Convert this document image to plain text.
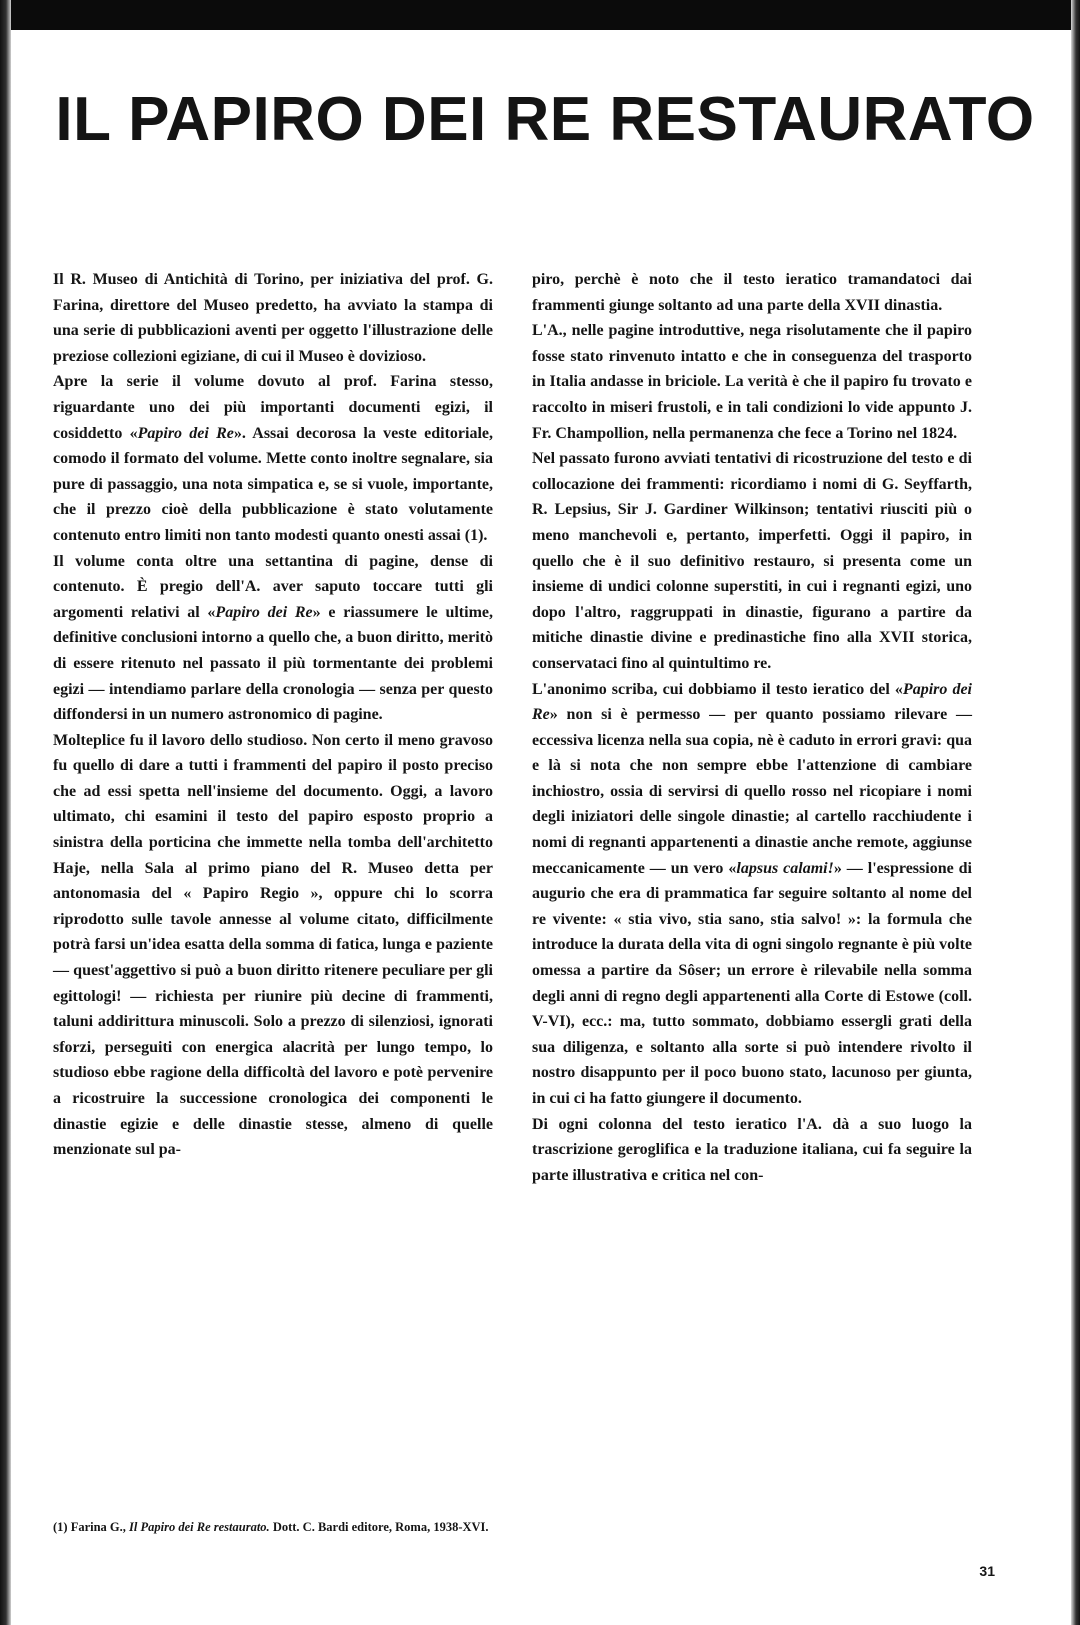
IL PAPIRO DEI RE RESTAURATO

Il R. Museo di Antichità di Torino, per iniziativa del prof. G. Farina, direttore del Museo predetto, ha avviato la stampa di una serie di pubblicazioni aventi per oggetto l'illustrazione delle preziose collezioni egiziane, di cui il Museo è dovizioso.

Apre la serie il volume dovuto al prof. Farina stesso, riguardante uno dei più importanti documenti egizi, il cosiddetto «Papiro dei Re». Assai decorosa la veste editoriale, comodo il formato del volume. Mette conto inoltre segnalare, sia pure di passaggio, una nota simpatica e, se si vuole, importante, che il prezzo cioè della pubblicazione è stato volutamente contenuto entro limiti non tanto modesti quanto onesti assai (1).

Il volume conta oltre una settantina di pagine, dense di contenuto. È pregio dell'A. aver saputo toccare tutti gli argomenti relativi al «Papiro dei Re» e riassumere le ultime, definitive conclusioni intorno a quello che, a buon diritto, meritò di essere ritenuto nel passato il più tormentante dei problemi egizi — intendiamo parlare della cronologia — senza per questo diffondersi in un numero astronomico di pagine.

Molteplice fu il lavoro dello studioso. Non certo il meno gravoso fu quello di dare a tutti i frammenti del papiro il posto preciso che ad essi spetta nell'insieme del documento. Oggi, a lavoro ultimato, chi esamini il testo del papiro esposto proprio a sinistra della porticina che immette nella tomba dell'architetto Haje, nella Sala al primo piano del R. Museo detta per antonomasia del « Papiro Regio », oppure chi lo scorra riprodotto sulle tavole annesse al volume citato, difficilmente potrà farsi un'idea esatta della somma di fatica, lunga e paziente — quest'aggettivo si può a buon diritto ritenere peculiare per gli egittologi! — richiesta per riunire più decine di frammenti, taluni addirittura minuscoli. Solo a prezzo di silenziosi, ignorati sforzi, perseguiti con energica alacrità per lungo tempo, lo studioso ebbe ragione della difficoltà del lavoro e potè pervenire a ricostruire la successione cronologica dei componenti le dinastie egizie e delle dinastie stesse, almeno di quelle menzionate sul pa-

piro, perchè è noto che il testo ieratico tramandatoci dai frammenti giunge soltanto ad una parte della XVII dinastia.

L'A., nelle pagine introduttive, nega risolutamente che il papiro fosse stato rinvenuto intatto e che in conseguenza del trasporto in Italia andasse in briciole. La verità è che il papiro fu trovato e raccolto in miseri frustoli, e in tali condizioni lo vide appunto J. Fr. Champollion, nella permanenza che fece a Torino nel 1824.

Nel passato furono avviati tentativi di ricostruzione del testo e di collocazione dei frammenti: ricordiamo i nomi di G. Seyffarth, R. Lepsius, Sir J. Gardiner Wilkinson; tentativi riusciti più o meno manchevoli e, pertanto, imperfetti. Oggi il papiro, in quello che è il suo definitivo restauro, si presenta come un insieme di undici colonne superstiti, in cui i regnanti egizi, uno dopo l'altro, raggruppati in dinastie, figurano a partire da mitiche dinastie divine e predinastiche fino alla XVII storica, conservataci fino al quintultimo re.

L'anonimo scriba, cui dobbiamo il testo ieratico del «Papiro dei Re» non si è permesso — per quanto possiamo rilevare — eccessiva licenza nella sua copia, nè è caduto in errori gravi: qua e là si nota che non sempre ebbe l'attenzione di cambiare inchiostro, ossia di servirsi di quello rosso nel ricopiare i nomi degli iniziatori delle singole dinastie; al cartello racchiudente i nomi di regnanti appartenenti a dinastie anche remote, aggiunse meccanicamente — un vero «lapsus calami!» — l'espressione di augurio che era di prammatica far seguire soltanto al nome del re vivente: « stia vivo, stia sano, stia salvo! »: la formula che introduce la durata della vita di ogni singolo regnante è più volte omessa a partire da Sôser; un errore è rilevabile nella somma degli anni di regno degli appartenenti alla Corte di Estowe (coll. V-VI), ecc.: ma, tutto sommato, dobbiamo essergli grati della sua diligenza, e soltanto alla sorte si può intendere rivolto il nostro disappunto per il poco buono stato, lacunoso per giunta, in cui ci ha fatto giungere il documento.

Di ogni colonna del testo ieratico l'A. dà a suo luogo la trascrizione geroglifica e la traduzione italiana, cui fa seguire la parte illustrativa e critica nel con-

(1) Farina G., Il Papiro dei Re restaurato. Dott. C. Bardi editore, Roma, 1938-XVI.
31
